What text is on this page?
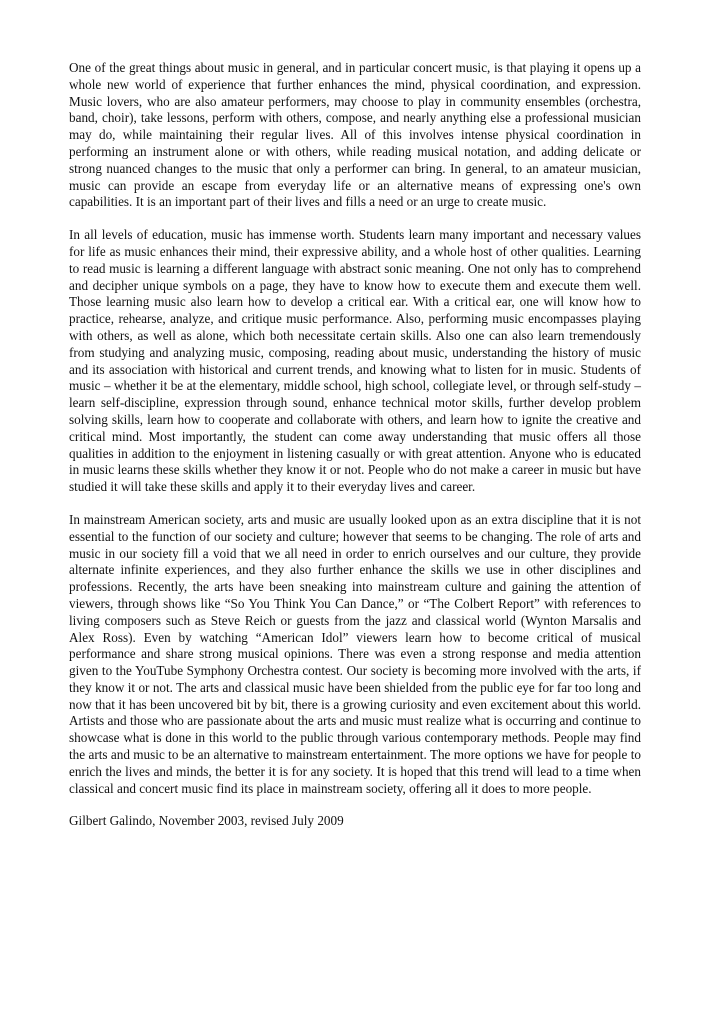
One of the great things about music in general, and in particular concert music, is that playing it opens up a whole new world of experience that further enhances the mind, physical coordination, and expression. Music lovers, who are also amateur performers, may choose to play in community ensembles (orchestra, band, choir), take lessons, perform with others, compose, and nearly anything else a professional musician may do, while maintaining their regular lives. All of this involves intense physical coordination in performing an instrument alone or with others, while reading musical notation, and adding delicate or strong nuanced changes to the music that only a performer can bring. In general, to an amateur musician, music can provide an escape from everyday life or an alternative means of expressing one's own capabilities. It is an important part of their lives and fills a need or an urge to create music.

In all levels of education, music has immense worth. Students learn many important and necessary values for life as music enhances their mind, their expressive ability, and a whole host of other qualities. Learning to read music is learning a different language with abstract sonic meaning. One not only has to comprehend and decipher unique symbols on a page, they have to know how to execute them and execute them well. Those learning music also learn how to develop a critical ear. With a critical ear, one will know how to practice, rehearse, analyze, and critique music performance. Also, performing music encompasses playing with others, as well as alone, which both necessitate certain skills. Also one can also learn tremendously from studying and analyzing music, composing, reading about music, understanding the history of music and its association with historical and current trends, and knowing what to listen for in music. Students of music – whether it be at the elementary, middle school, high school, collegiate level, or through self-study – learn self-discipline, expression through sound, enhance technical motor skills, further develop problem solving skills, learn how to cooperate and collaborate with others, and learn how to ignite the creative and critical mind. Most importantly, the student can come away understanding that music offers all those qualities in addition to the enjoyment in listening casually or with great attention. Anyone who is educated in music learns these skills whether they know it or not. People who do not make a career in music but have studied it will take these skills and apply it to their everyday lives and career.

In mainstream American society, arts and music are usually looked upon as an extra discipline that it is not essential to the function of our society and culture; however that seems to be changing. The role of arts and music in our society fill a void that we all need in order to enrich ourselves and our culture, they provide alternate infinite experiences, and they also further enhance the skills we use in other disciplines and professions. Recently, the arts have been sneaking into mainstream culture and gaining the attention of viewers, through shows like “So You Think You Can Dance,” or “The Colbert Report” with references to living composers such as Steve Reich or guests from the jazz and classical world (Wynton Marsalis and Alex Ross). Even by watching “American Idol” viewers learn how to become critical of musical performance and share strong musical opinions. There was even a strong response and media attention given to the YouTube Symphony Orchestra contest. Our society is becoming more involved with the arts, if they know it or not. The arts and classical music have been shielded from the public eye for far too long and now that it has been uncovered bit by bit, there is a growing curiosity and even excitement about this world. Artists and those who are passionate about the arts and music must realize what is occurring and continue to showcase what is done in this world to the public through various contemporary methods. People may find the arts and music to be an alternative to mainstream entertainment. The more options we have for people to enrich the lives and minds, the better it is for any society. It is hoped that this trend will lead to a time when classical and concert music find its place in mainstream society, offering all it does to more people.

Gilbert Galindo, November 2003, revised July 2009
